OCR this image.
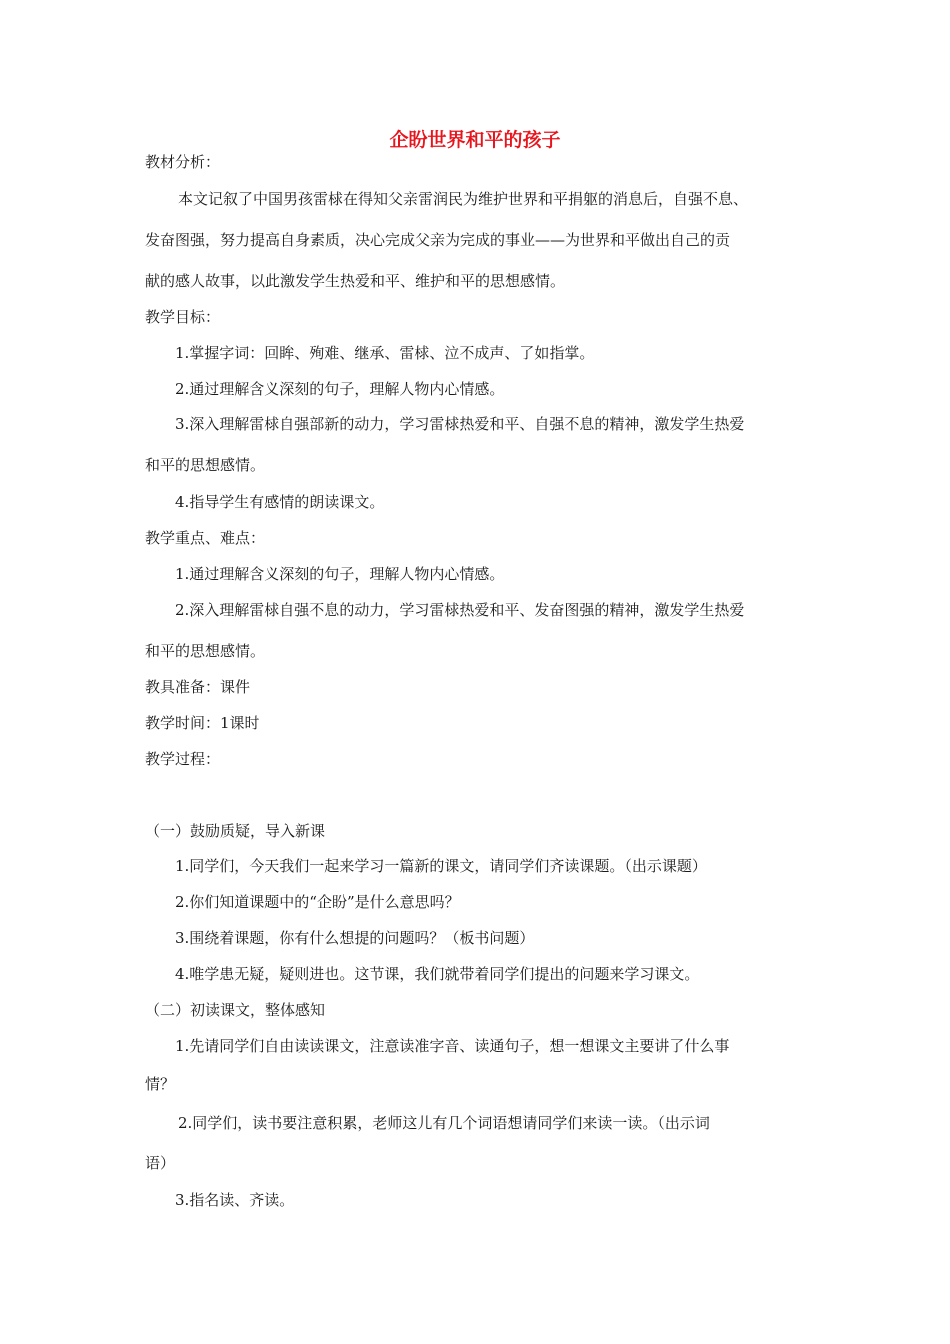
企盼世界和平的孩子

教材分析：

本文记叙了中国男孩雷梂在得知父亲雷润民为维护世界和平捐躯的消息后，自强不息、

发奋图强，努力提高自身素质，决心完成父亲为完成的事业——为世界和平做出自己的贡

献的感人故事，以此激发学生热爱和平、维护和平的思想感情。

教学目标：

1.掌握字词：回眸、殉难、继承、雷梂、泣不成声、了如指掌。

2.通过理解含义深刻的句子，理解人物内心情感。

3.深入理解雷梂自强部新的动力，学习雷梂热爱和平、自强不息的精神，激发学生热爱

和平的思想感情。

4.指导学生有感情的朗读课文。

教学重点、难点：

1.通过理解含义深刻的句子，理解人物内心情感。

2.深入理解雷梂自强不息的动力，学习雷梂热爱和平、发奋图强的精神，激发学生热爱

和平的思想感情。

教具准备：课件

教学时间：1课时

教学过程：

（一）鼓励质疑，导入新课

1.同学们，今天我们一起来学习一篇新的课文，请同学们齐读课题。（出示课题）

2.你们知道课题中的“企盼”是什么意思吗？

3.围绕着课题，你有什么想提的问题吗？（板书问题）

4.唯学患无疑，疑则进也。这节课，我们就带着同学们提出的问题来学习课文。

（二）初读课文，整体感知

1.先请同学们自由读读课文，注意读准字音、读通句子，想一想课文主要讲了什么事

情？

2.同学们，读书要注意积累，老师这儿有几个词语想请同学们来读一读。（出示词

语）

3.指名读、齐读。
